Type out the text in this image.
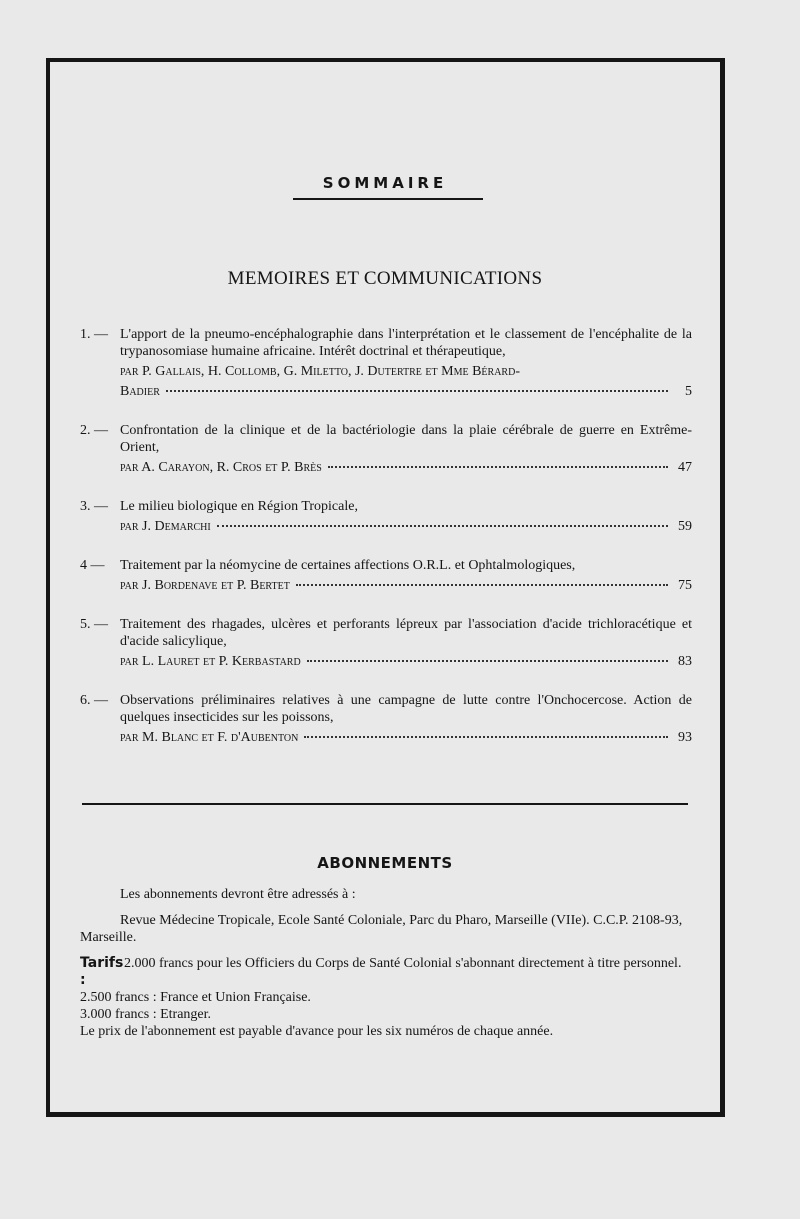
SOMMAIRE
MEMOIRES ET COMMUNICATIONS
1. — L'apport de la pneumo-encéphalographie dans l'interprétation et le classement de l'encéphalite de la trypanosomiase humaine africaine. Intérêt doctrinal et thérapeutique,
par P. Gallais, H. Collomb, G. Miletto, J. Dutertre et Mme Bérard-
Badier	5
2. — Confrontation de la clinique et de la bactériologie dans la plaie cérébrale de guerre en Extrême-Orient,
par A. Carayon, R. Cros et P. Brès	47
3. — Le milieu biologique en Région Tropicale,
par J. Demarchi	59
4 —	Traitement par la néomycine de certaines affections O.R.L. et Ophtalmologiques,
par J. Bordenave et P. Bertet	75
5. — Traitement des rhagades, ulcères et perforants lépreux par l'association d'acide trichloracétique et d'acide salicylique,
par L. Lauret et P. Kerbastard	83
6. — Observations préliminaires relatives à une campagne de lutte contre l'Onchocercose. Action de quelques insecticides sur les poissons,
par M. Blanc et F. d'Aubenton	93
ABONNEMENTS

Les abonnements devront être adressés à :

Revue Médecine Tropicale, Ecole Santé Coloniale, Parc du Pharo, Marseille (VIIe). C.C.P. 2108-93, Marseille.

Tarifs :
2.000 francs pour les Officiers du Corps de Santé Colonial s'abonnant directement à titre personnel.

2.500 francs : France et Union Française.

3.000 francs : Etranger.

Le prix de l'abonnement est payable d'avance pour les six numéros de chaque année.
